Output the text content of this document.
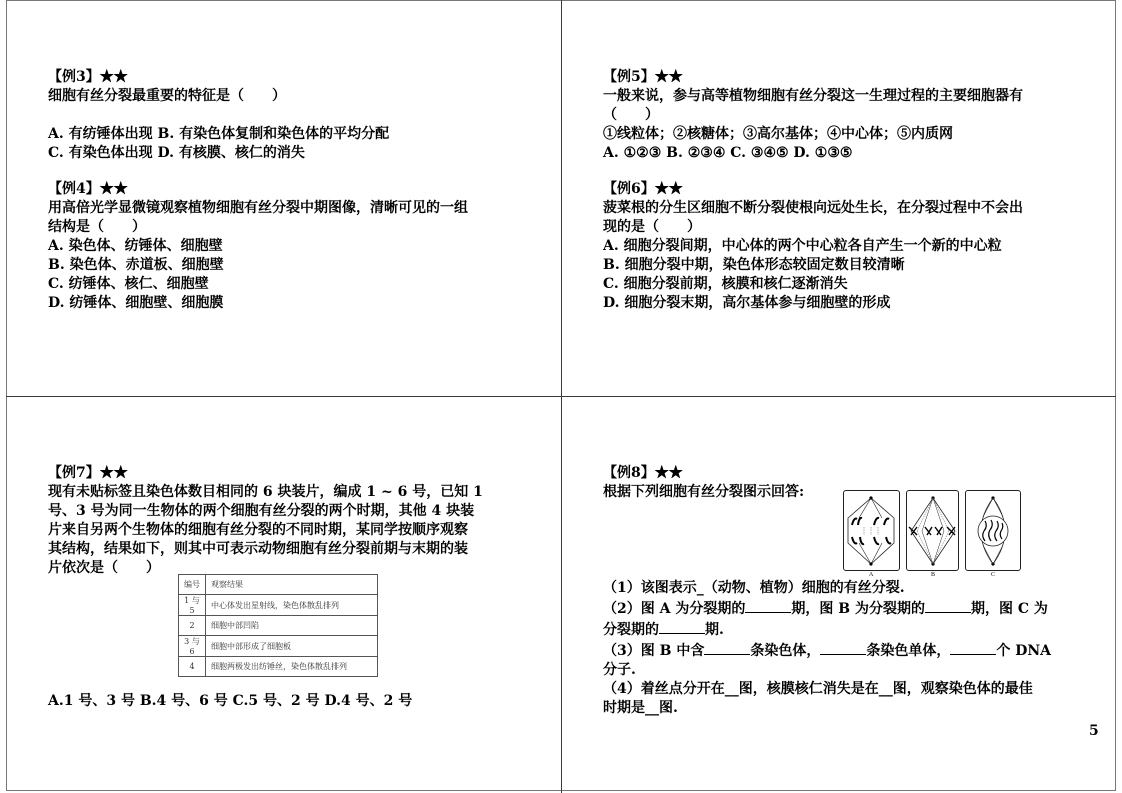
【例3】★★
细胞有丝分裂最重要的特征是（　　）
A. 有纺锤体出现 B. 有染色体复制和染色体的平均分配
C. 有染色体出现 D. 有核膜、核仁的消失
【例4】★★
用高倍光学显微镜观察植物细胞有丝分裂中期图像，清晰可见的一组
结构是（　　）
A. 染色体、纺锤体、细胞壁
B. 染色体、赤道板、细胞壁
C. 纺锤体、核仁、细胞壁
D. 纺锤体、细胞壁、细胞膜
【例5】★★
一般来说，参与高等植物细胞有丝分裂这一生理过程的主要细胞器有
（　　）
①线粒体；②核糖体；③高尔基体；④中心体；⑤内质网
A. ①②③ B. ②③④ C. ③④⑤ D. ①③⑤
【例6】★★
菠菜根的分生区细胞不断分裂使根向远处生长，在分裂过程中不会出
现的是（　　）
A. 细胞分裂间期，中心体的两个中心粒各自产生一个新的中心粒
B. 细胞分裂中期，染色体形态较固定数目较清晰
C. 细胞分裂前期，核膜和核仁逐渐消失
D. 细胞分裂末期，高尔基体参与细胞壁的形成
【例7】★★
现有未贴标签且染色体数目相同的 6 块装片，编成 1 ~ 6 号，已知 1
号、3 号为同一生物体的两个细胞有丝分裂的两个时期，其他 4 块装
片来自另两个生物体的细胞有丝分裂的不同时期，某同学按顺序观察
其结构，结果如下，则其中可表示动物细胞有丝分裂前期与末期的装
片依次是（　　）
编号	观察结果
1 与 5	中心体发出星射线，染色体散乱排列
2	细胞中部凹陷
3 与 6	细胞中部形成了细胞板
4	细胞两极发出纺锤丝，染色体散乱排列
A.1 号、3 号 B.4 号、6 号 C.5 号、2 号 D.4 号、2 号
【例8】★★
根据下列细胞有丝分裂图示回答:
A	B	C
（1）该图表示_（动物、植物）细胞的有丝分裂.
（2）图 A 为分裂期的	期，图 B 为分裂期的	期，图 C 为
分裂期的	期.
（3）图 B 中含	条染色体，	条染色单体，	个 DNA
分子.
（4）着丝点分开在__图，核膜核仁消失是在__图，观察染色体的最佳
时期是__图.
5
